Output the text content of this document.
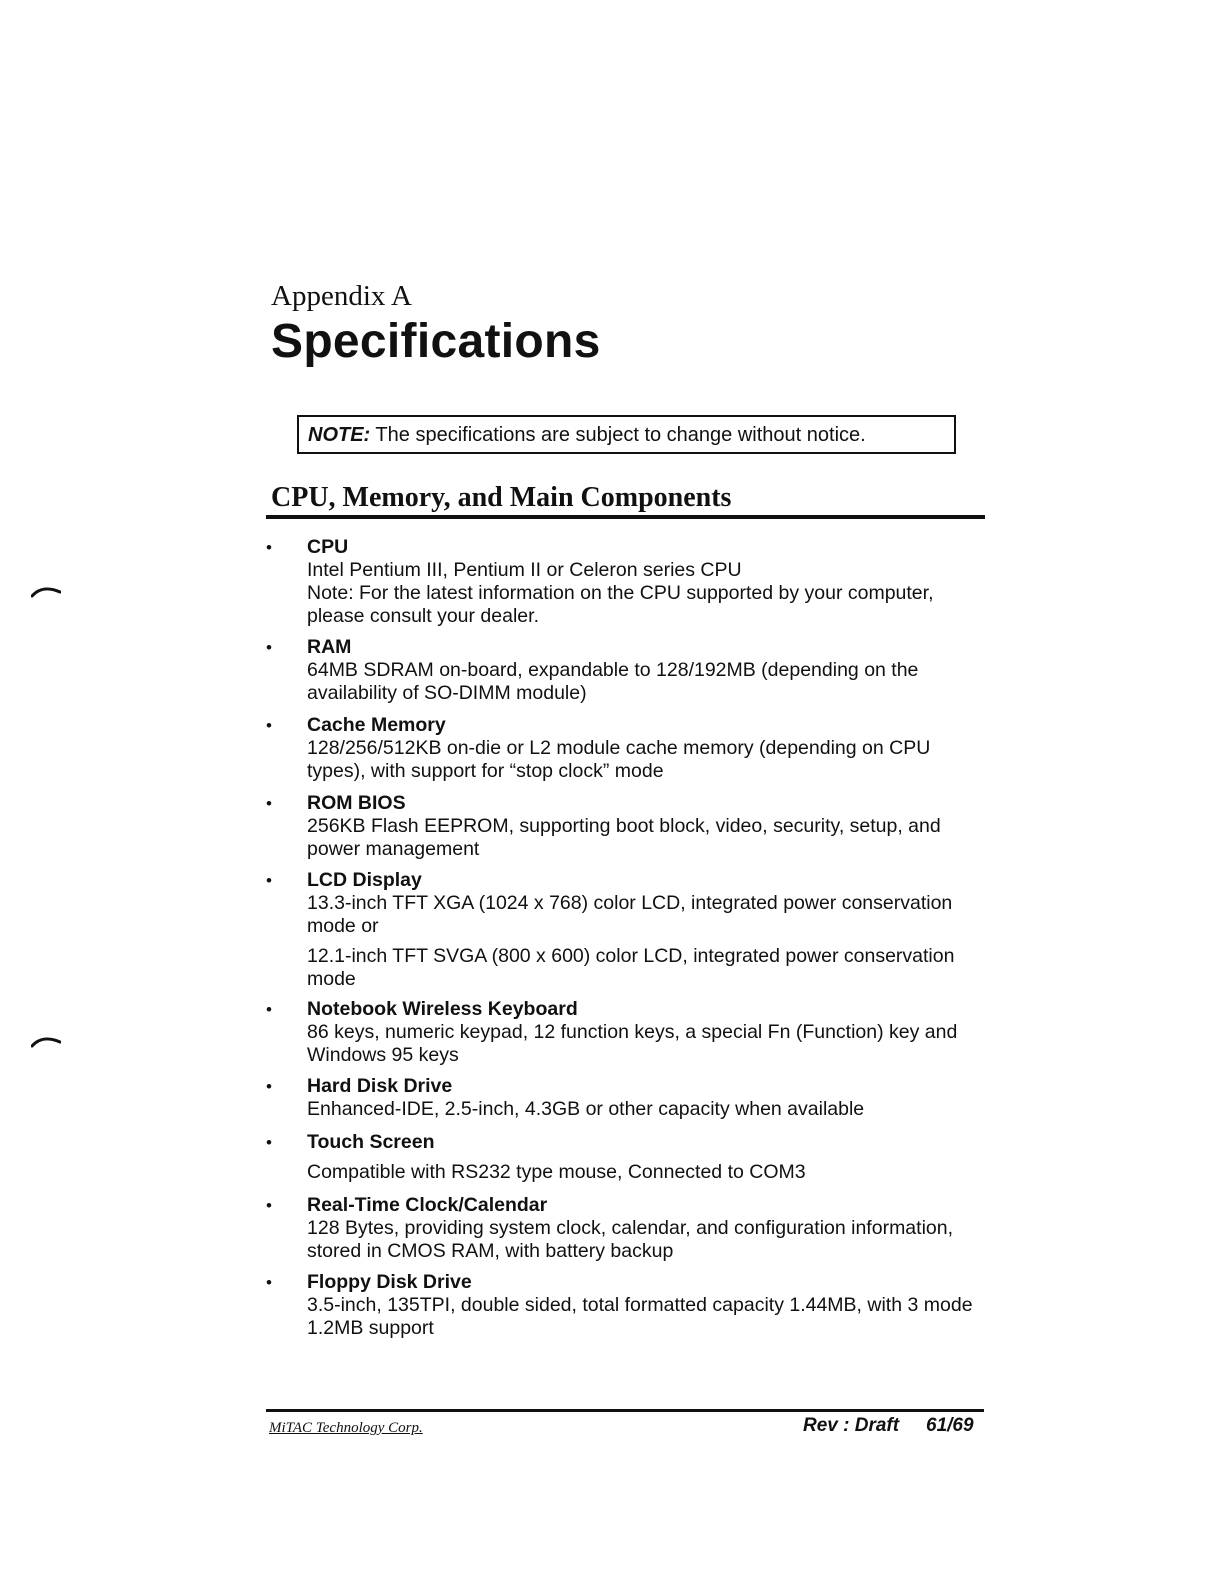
Appendix A
Specifications
NOTE: The specifications are subject to change without notice.
CPU, Memory, and Main Components
•	CPU
Intel Pentium III, Pentium II or Celeron series CPU
Note: For the latest information on the CPU supported by your computer,
please consult your dealer.
•	RAM
64MB SDRAM on-board, expandable to 128/192MB (depending on the
availability of SO-DIMM module)
•	Cache Memory
128/256/512KB on-die or L2 module cache memory (depending on CPU
types), with support for “stop clock” mode
•	ROM BIOS
256KB Flash EEPROM, supporting boot block, video, security, setup, and
power management
•	LCD Display
13.3-inch TFT XGA (1024 x 768) color LCD, integrated power conservation
mode or
12.1-inch TFT SVGA (800 x 600) color LCD, integrated power conservation
mode
•	Notebook Wireless Keyboard
86 keys, numeric keypad, 12 function keys, a special Fn (Function) key and
Windows 95 keys
•	Hard Disk Drive
Enhanced-IDE, 2.5-inch, 4.3GB or other capacity when available
•	Touch Screen
Compatible with RS232 type mouse, Connected to COM3
•	Real-Time Clock/Calendar
128 Bytes, providing system clock, calendar, and configuration information,
stored in CMOS RAM, with battery backup
•	Floppy Disk Drive
3.5-inch, 135TPI, double sided, total formatted capacity 1.44MB, with 3 mode
1.2MB support
MiTAC Technology Corp.	Rev : Draft 61/69
